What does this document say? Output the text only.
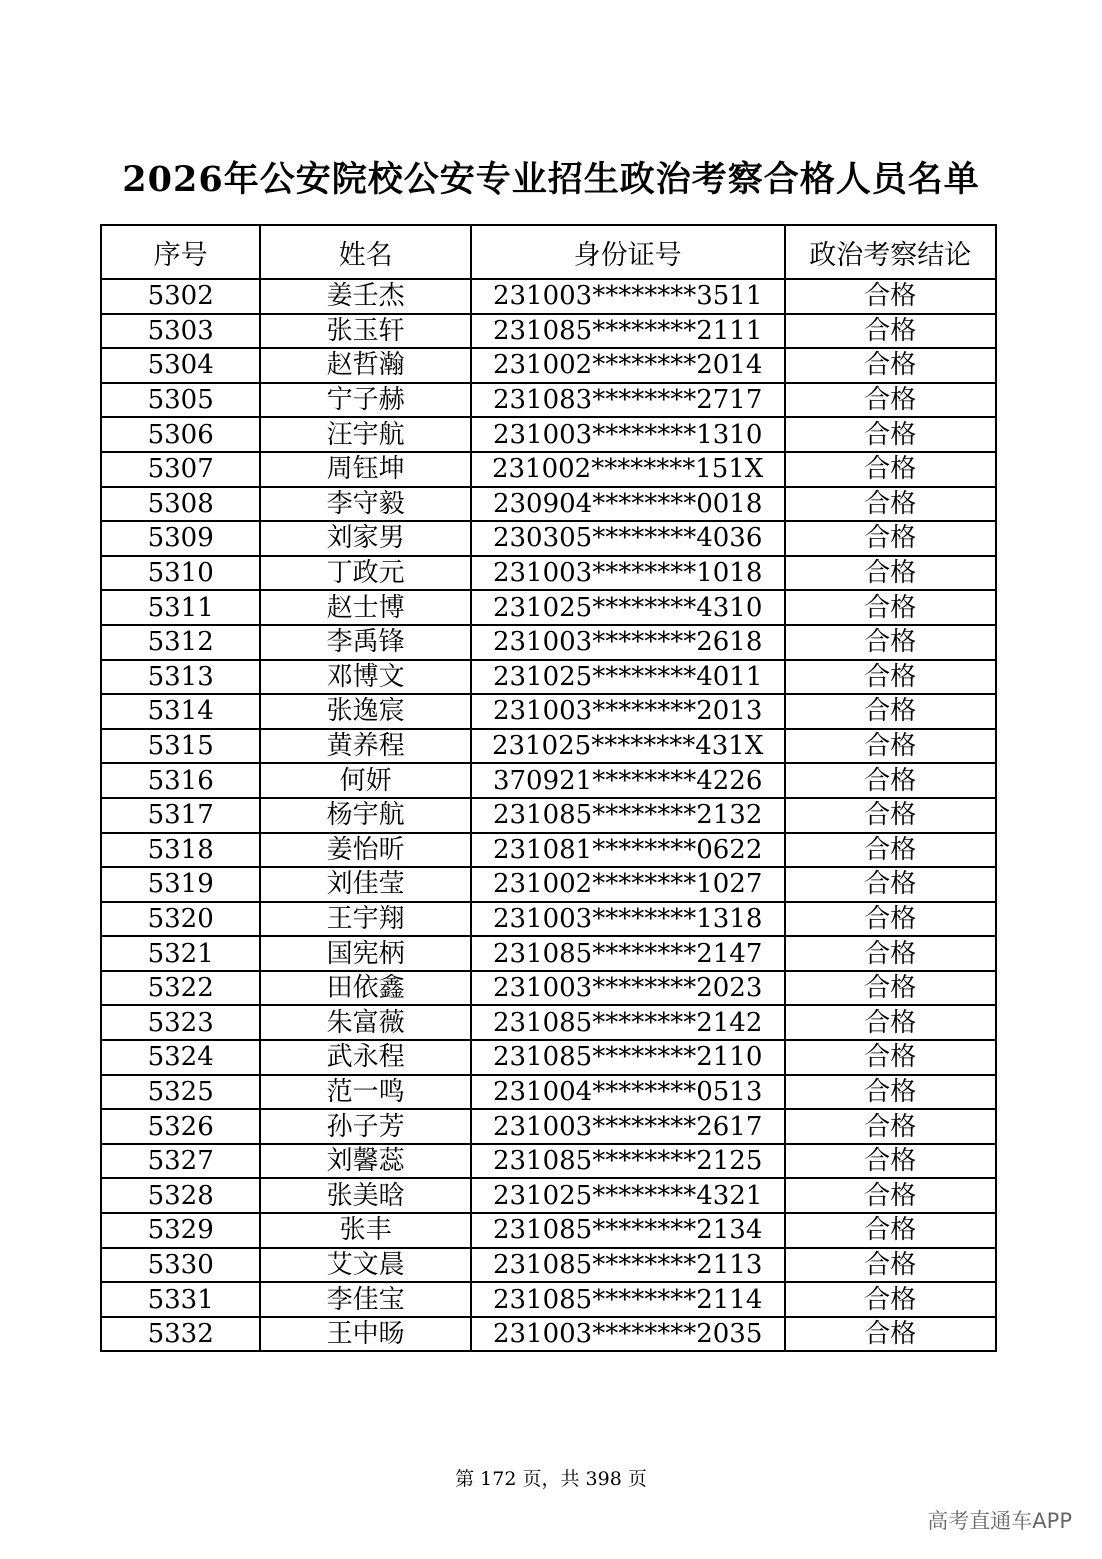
2026年公安院校公安专业招生政治考察合格人员名单
序号	姓名	身份证号	政治考察结论
5302	姜壬杰	231003********3511	合格
5303	张玉轩	231085********2111	合格
5304	赵哲瀚	231002********2014	合格
5305	宁子赫	231083********2717	合格
5306	汪宇航	231003********1310	合格
5307	周钰坤	231002********151X	合格
5308	李守毅	230904********0018	合格
5309	刘家男	230305********4036	合格
5310	丁政元	231003********1018	合格
5311	赵士博	231025********4310	合格
5312	李禹锋	231003********2618	合格
5313	邓博文	231025********4011	合格
5314	张逸宸	231003********2013	合格
5315	黄养程	231025********431X	合格
5316	何妍	370921********4226	合格
5317	杨宇航	231085********2132	合格
5318	姜怡昕	231081********0622	合格
5319	刘佳莹	231002********1027	合格
5320	王宇翔	231003********1318	合格
5321	国宪柄	231085********2147	合格
5322	田依鑫	231003********2023	合格
5323	朱富薇	231085********2142	合格
5324	武永程	231085********2110	合格
5325	范一鸣	231004********0513	合格
5326	孙子芳	231003********2617	合格
5327	刘馨蕊	231085********2125	合格
5328	张美晗	231025********4321	合格
5329	张丰	231085********2134	合格
5330	艾文晨	231085********2113	合格
5331	李佳宝	231085********2114	合格
5332	王中旸	231003********2035	合格
第 172 页，共 398 页
高考直通车APP
